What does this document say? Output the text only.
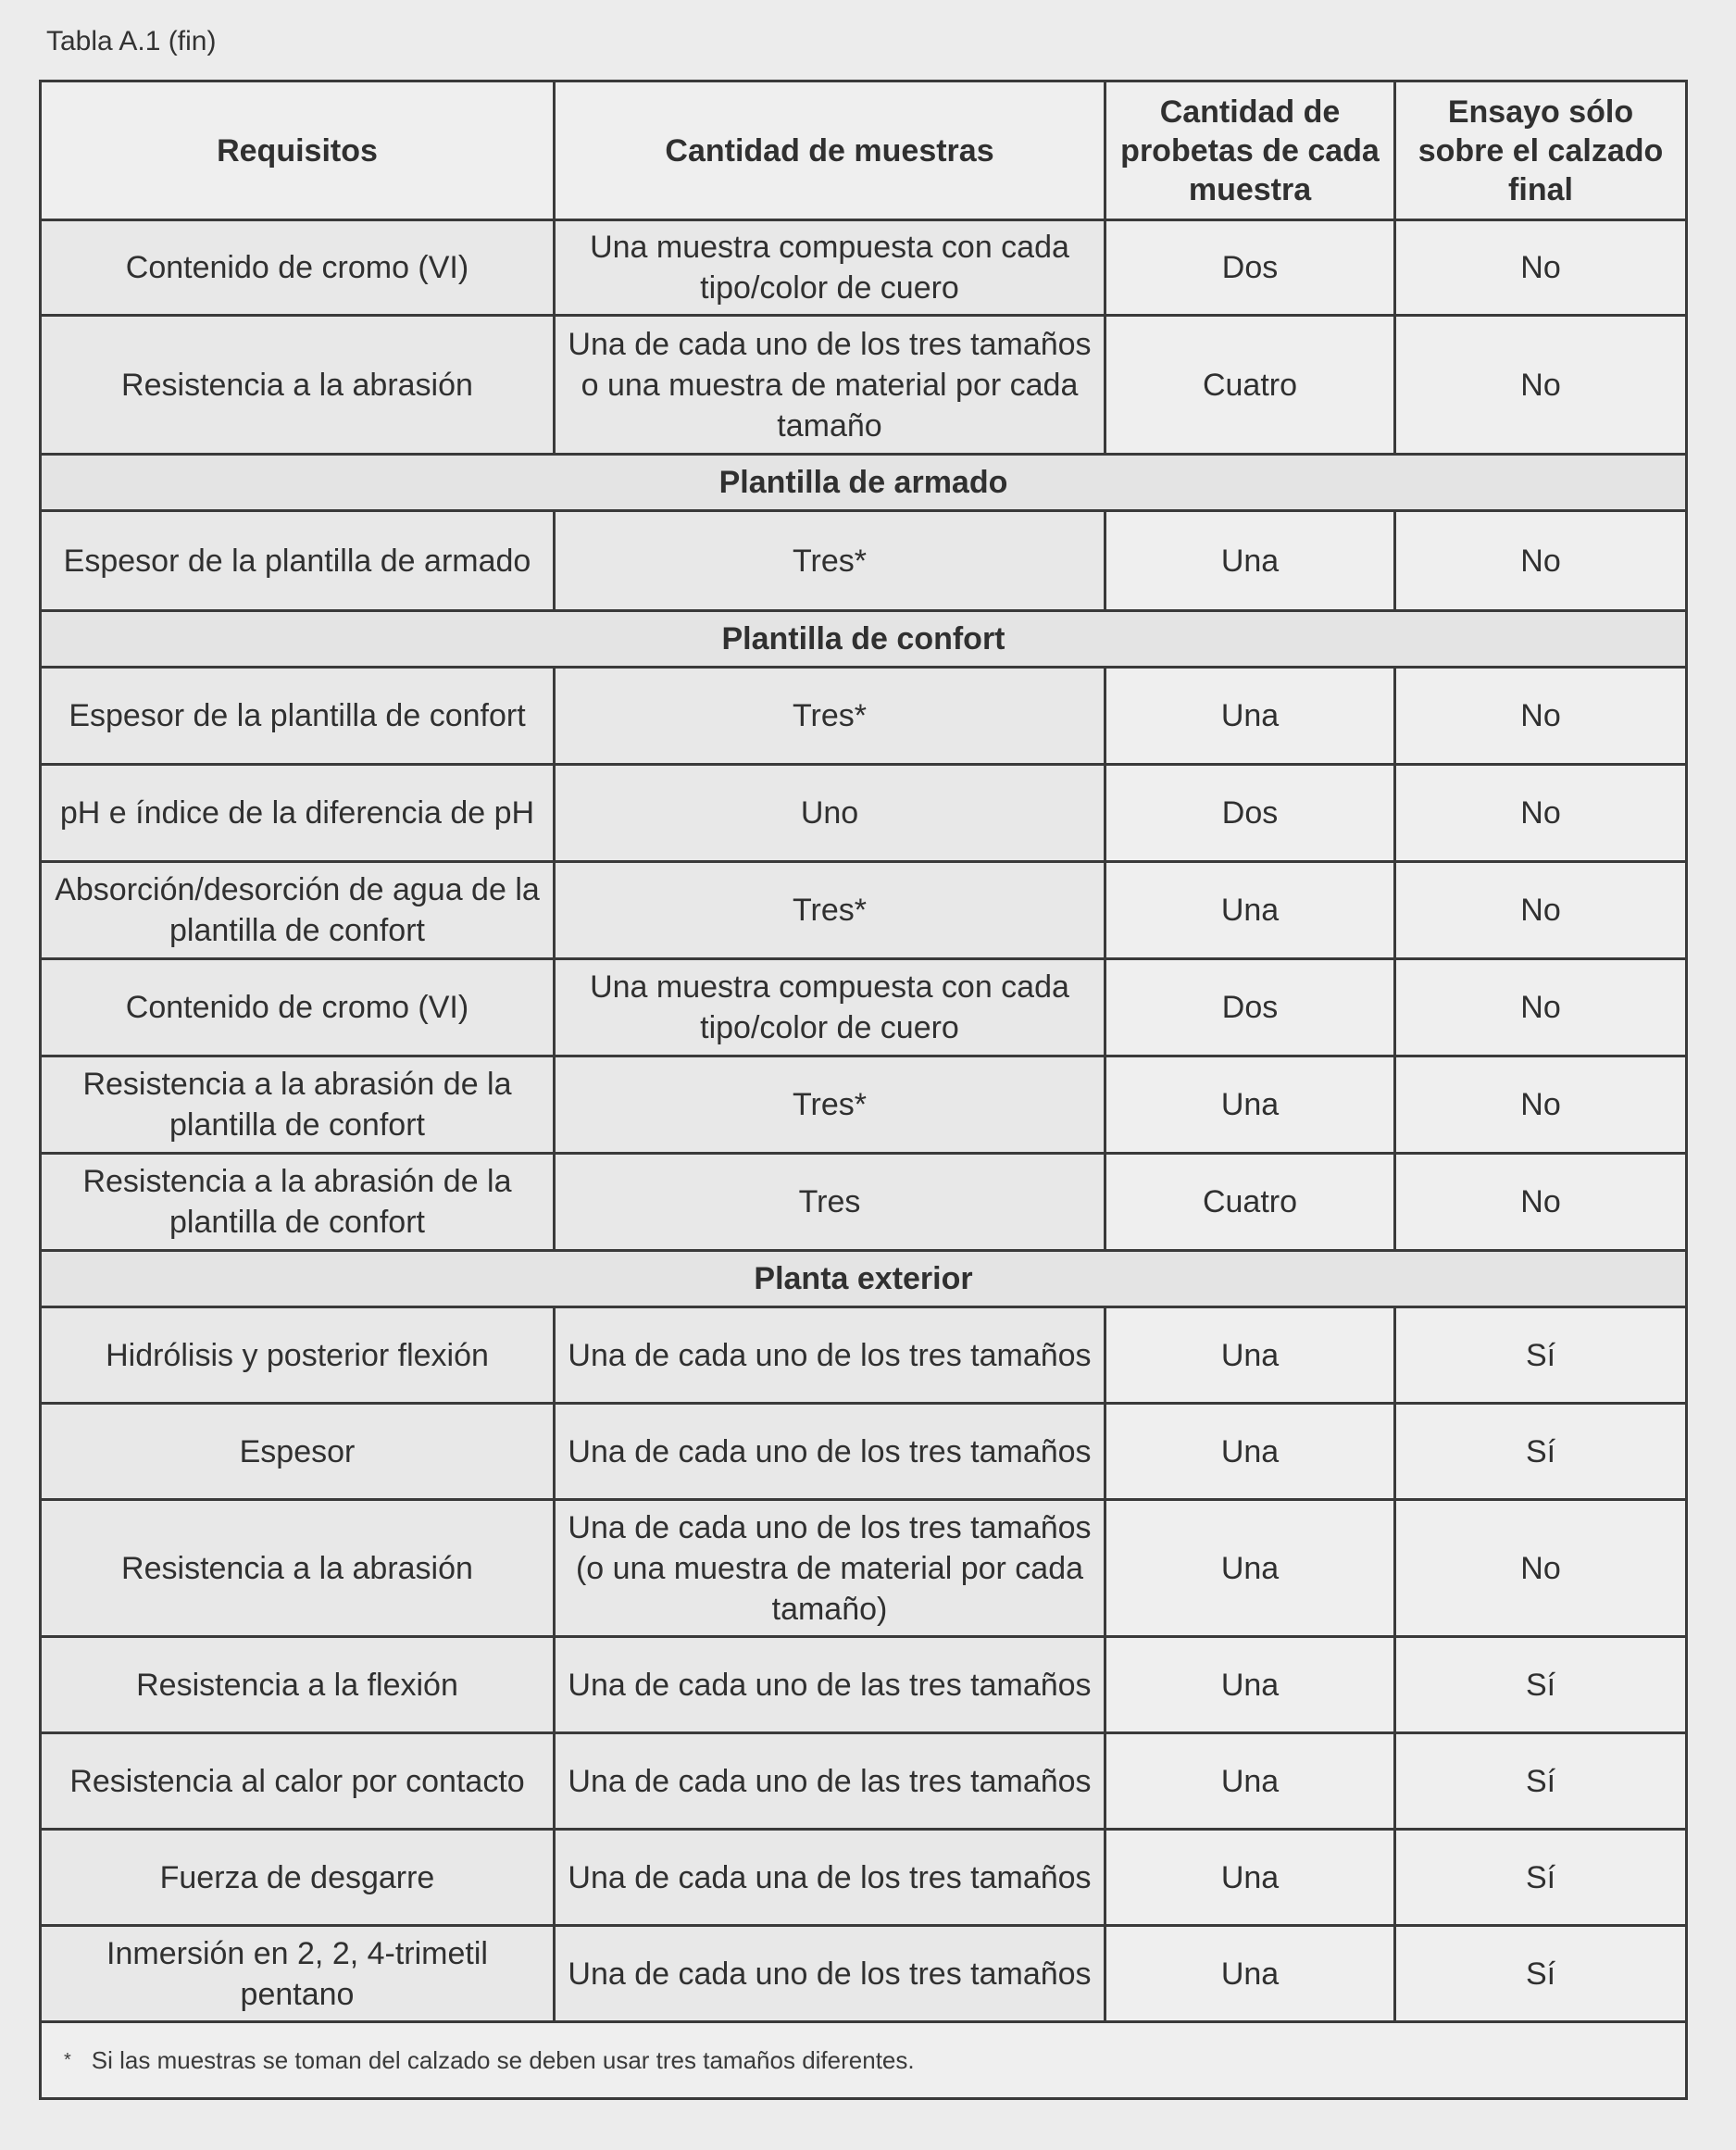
Tabla A.1 (fin)
Requisitos	Cantidad de muestras	Cantidad de probetas de cada muestra	Ensayo sólo sobre el calzado final
Contenido de cromo (VI)	Una muestra compuesta con cada tipo/color de cuero	Dos	No
Resistencia a la abrasión	Una de cada uno de los tres tamaños o una muestra de material por cada tamaño	Cuatro	No
Plantilla de armado			
Espesor de la plantilla de armado	Tres*	Una	No
Plantilla de confort			
Espesor de la plantilla de confort	Tres*	Una	No
pH e índice de la diferencia de pH	Uno	Dos	No
Absorción/desorción de agua de la plantilla de confort	Tres*	Una	No
Contenido de cromo (VI)	Una muestra compuesta con cada tipo/color de cuero	Dos	No
Resistencia a la abrasión de la plantilla de confort	Tres*	Una	No
Resistencia a la abrasión de la plantilla de confort	Tres	Cuatro	No
Planta exterior			
Hidrólisis y posterior flexión	Una de cada uno de los tres tamaños	Una	Sí
Espesor	Una de cada uno de los tres tamaños	Una	Sí
Resistencia a la abrasión	Una de cada uno de los tres tamaños (o una muestra de material por cada tamaño)	Una	No
Resistencia a la flexión	Una de cada uno de las tres tamaños	Una	Sí
Resistencia al calor por contacto	Una de cada uno de las tres tamaños	Una	Sí
Fuerza de desgarre	Una de cada una de los tres tamaños	Una	Sí
Inmersión en 2, 2, 4-trimetil pentano	Una de cada uno de los tres tamaños	Una	Sí
* Si las muestras se toman del calzado se deben usar tres tamaños diferentes.			
